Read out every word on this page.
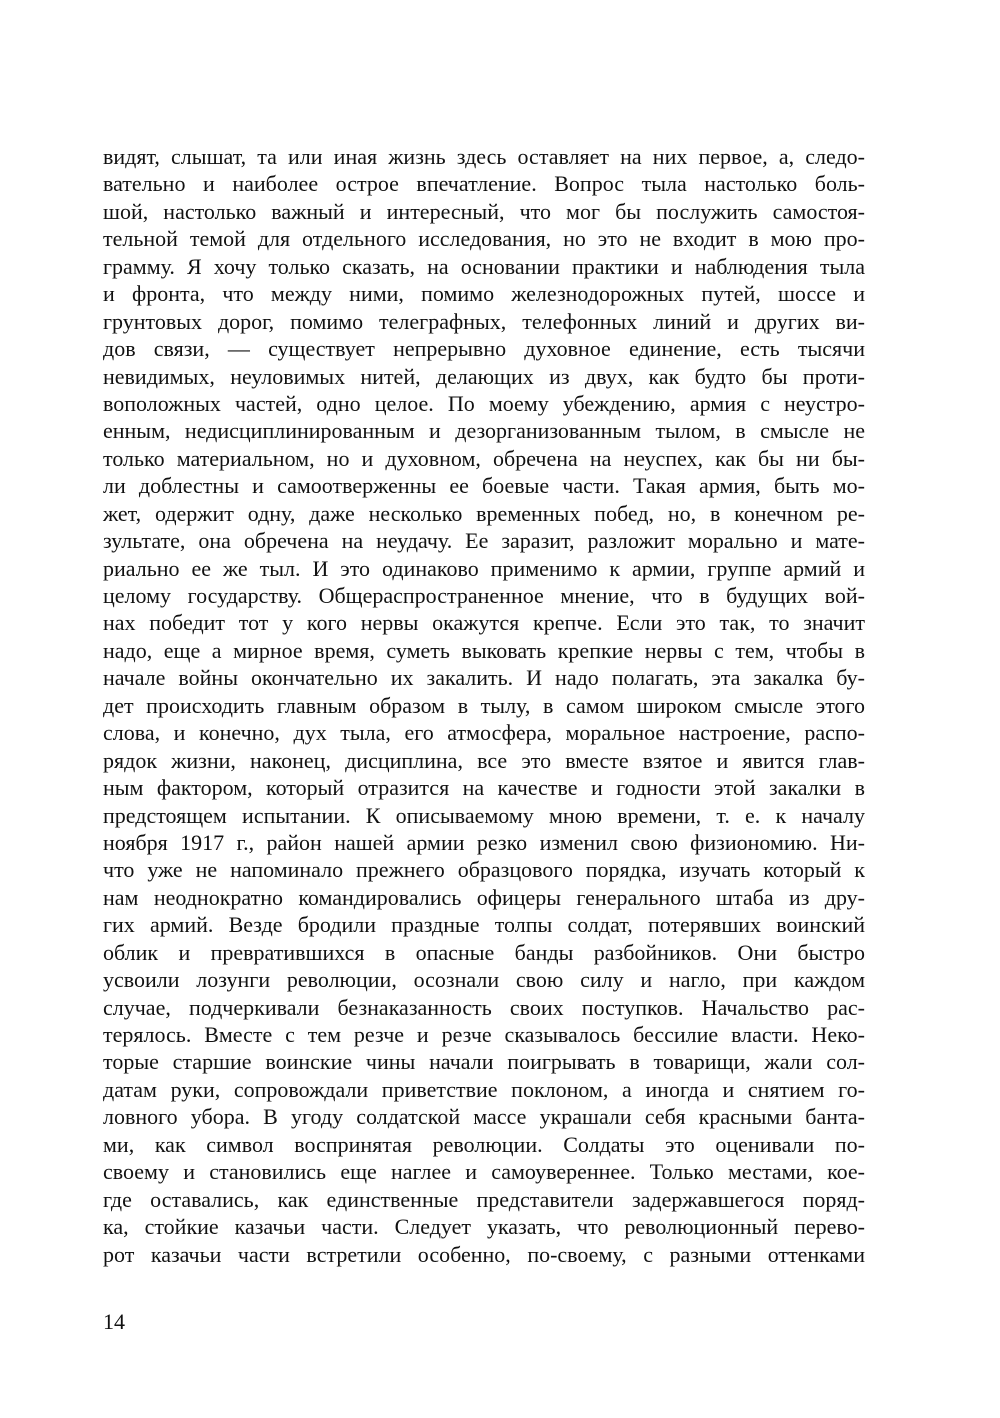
видят, слышат, та или иная жизнь здесь оставляет на них первое, а, следо-
вательно и наиболее острое впечатление. Вопрос тыла настолько боль-
шой, настолько важный и интересный, что мог бы послужить самостоя-
тельной темой для отдельного исследования, но это не входит в мою про-
грамму. Я хочу только сказать, на основании практики и наблюдения тыла
и фронта, что между ними, помимо железнодорожных путей, шоссе и
грунтовых дорог, помимо телеграфных, телефонных линий и других ви-
дов связи, — существует непрерывно духовное единение, есть тысячи
невидимых, неуловимых нитей, делающих из двух, как будто бы проти-
воположных частей, одно целое. По моему убеждению, армия с неустро-
енным, недисциплинированным и дезорганизованным тылом, в смысле не
только материальном, но и духовном, обречена на неуспех, как бы ни бы-
ли доблестны и самоотверженны ее боевые части. Такая армия, быть мо-
жет, одержит одну, даже несколько временных побед, но, в конечном ре-
зультате, она обречена на неудачу. Ее заразит, разложит морально и мате-
риально ее же тыл. И это одинаково применимо к армии, группе армий и
целому государству. Общераспространенное мнение, что в будущих вой-
нах победит тот у кого нервы окажутся крепче. Если это так, то значит
надо, еще а мирное время, суметь выковать крепкие нервы с тем, чтобы в
начале войны окончательно их закалить. И надо полагать, эта закалка бу-
дет происходить главным образом в тылу, в самом широком смысле этого
слова, и конечно, дух тыла, его атмосфера, моральное настроение, распо-
рядок жизни, наконец, дисциплина, все это вместе взятое и явится глав-
ным фактором, который отразится на качестве и годности этой закалки в
предстоящем испытании. К описываемому мною времени, т. е. к началу
ноября 1917 г., район нашей армии резко изменил свою физиономию. Ни-
что уже не напоминало прежнего образцового порядка, изучать который к
нам неоднократно командировались офицеры генерального штаба из дру-
гих армий. Везде бродили праздные толпы солдат, потерявших воинский
облик и превратившихся в опасные банды разбойников. Они быстро
усвоили лозунги революции, осознали свою силу и нагло, при каждом
случае, подчеркивали безнаказанность своих поступков. Начальство рас-
терялось. Вместе с тем резче и резче сказывалось бессилие власти. Неко-
торые старшие воинские чины начали поигрывать в товарищи, жали сол-
датам руки, сопровождали приветствие поклоном, а иногда и снятием го-
ловного убора. В угоду солдатской массе украшали себя красными банта-
ми, как символ воспринятая революции. Солдаты это оценивали по-
своему и становились еще наглее и самоувереннее. Только местами, кое-
где оставались, как единственные представители задержавшегося поряд-
ка, стойкие казачьи части. Следует указать, что революционный перево-
рот казачьи части встретили особенно, по-своему, с разными оттенками
14
